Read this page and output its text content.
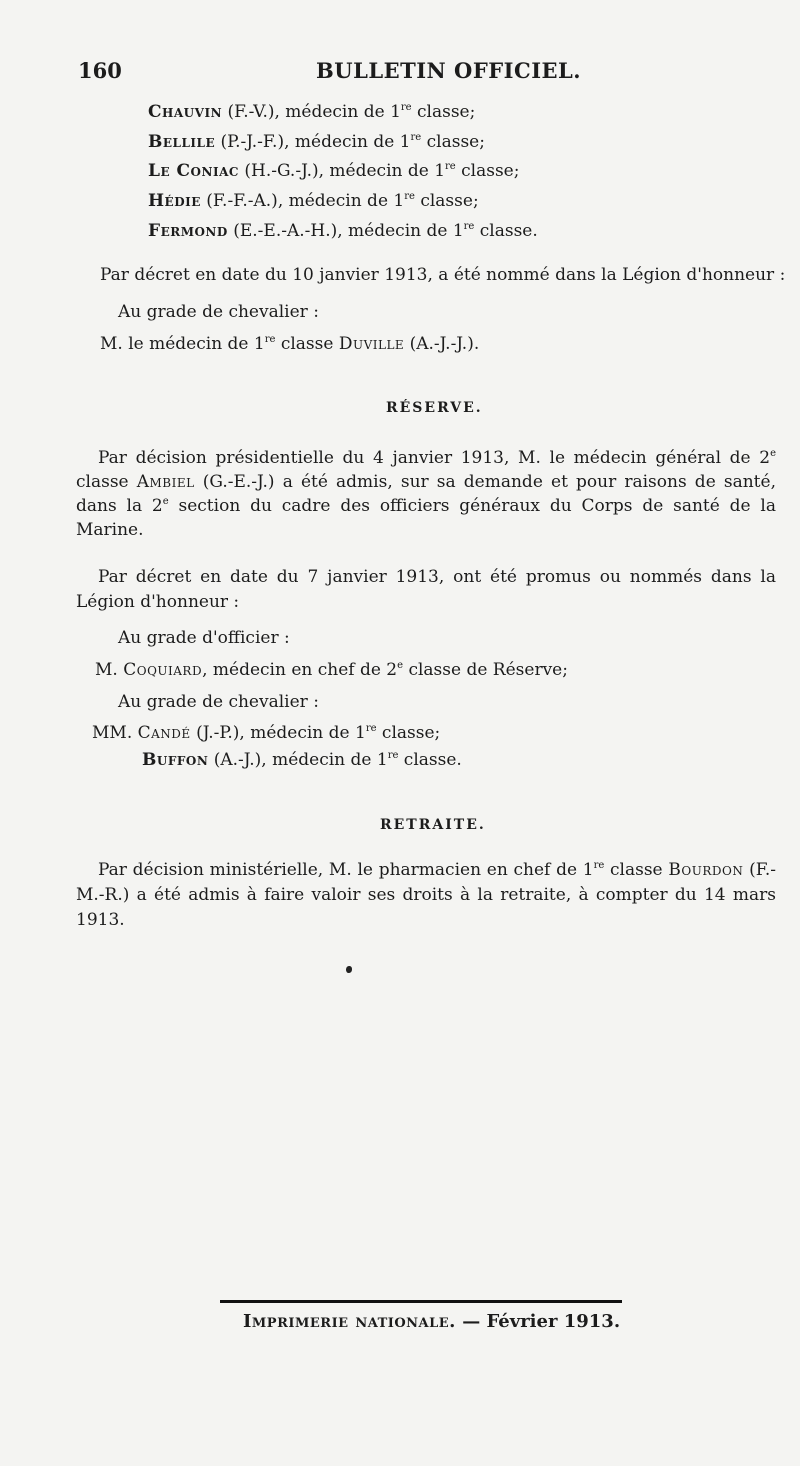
160	BULLETIN OFFICIEL.
Chauvin (F.-V.), médecin de 1re classe;
Bellile (P.-J.-F.), médecin de 1re classe;
Le Coniac (H.-G.-J.), médecin de 1re classe;
Hédie (F.-F.-A.), médecin de 1re classe;
Fermond (E.-E.-A.-H.), médecin de 1re classe.
Par décret en date du 10 janvier 1913, a été nommé dans la Légion d'honneur :
Au grade de chevalier :
M. le médecin de 1re classe Duville (A.-J.-J.).
RÉSERVE.
Par décision présidentielle du 4 janvier 1913, M. le médecin général de 2e classe Ambiel (G.-E.-J.) a été admis, sur sa demande et pour raisons de santé, dans la 2e section du cadre des officiers généraux du Corps de santé de la Marine.
Par décret en date du 7 janvier 1913, ont été promus ou nommés dans la Légion d'honneur :
Au grade d'officier :
M. Coquiard, médecin en chef de 2e classe de Réserve;
Au grade de chevalier :
MM. Candé (J.-P.), médecin de 1re classe;
Buffon (A.-J.), médecin de 1re classe.
RETRAITE.
Par décision ministérielle, M. le pharmacien en chef de 1re classe Bourdon (F.-M.-R.) a été admis à faire valoir ses droits à la retraite, à compter du 14 mars 1913.
Imprimerie nationale. — Février 1913.
